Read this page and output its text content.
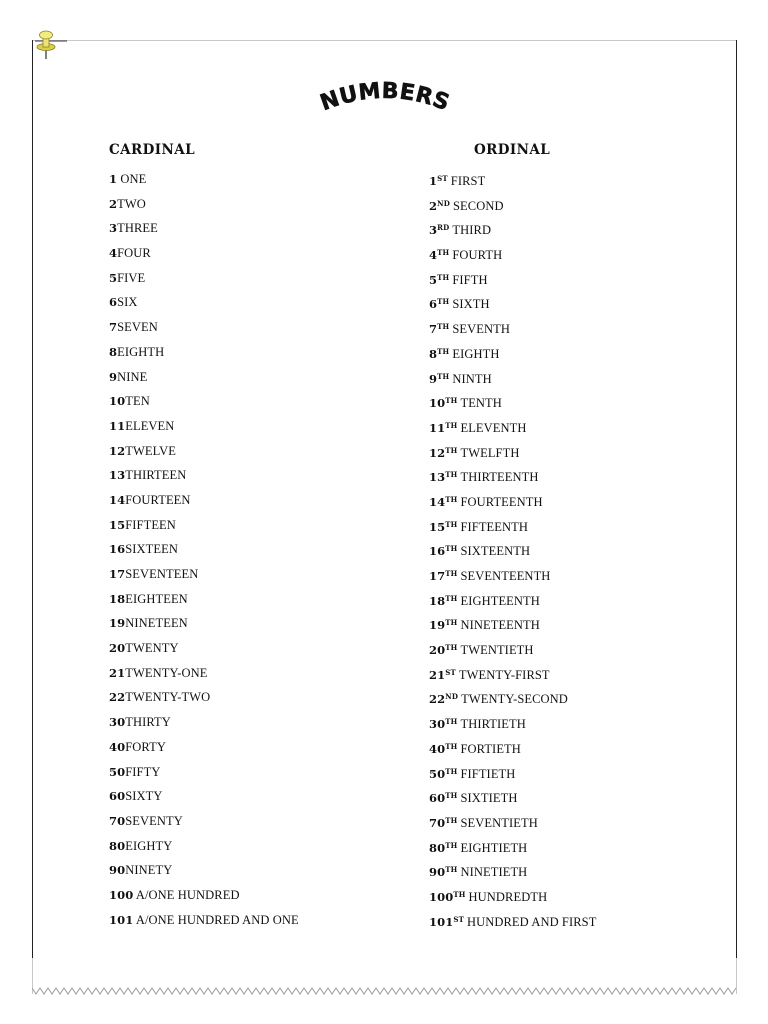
NUMBERS
CARDINAL
1 ONE
2TWO
3THREE
4FOUR
5FIVE
6SIX
7SEVEN
8EIGHTH
9NINE
10TEN
11ELEVEN
12TWELVE
13THIRTEEN
14FOURTEEN
15FIFTEEN
16SIXTEEN
17SEVENTEEN
18EIGHTEEN
19NINETEEN
20TWENTY
21TWENTY-ONE
22TWENTY-TWO
30THIRTY
40FORTY
50FIFTY
60SIXTY
70SEVENTY
80EIGHTY
90NINETY
100 A/ONE HUNDRED
101 A/ONE HUNDRED AND ONE
ORDINAL
1ST FIRST
2ND SECOND
3RD THIRD
4TH FOURTH
5TH FIFTH
6TH SIXTH
7TH SEVENTH
8TH EIGHTH
9TH NINTH
10TH TENTH
11TH ELEVENTH
12TH TWELFTH
13TH THIRTEENTH
14TH FOURTEENTH
15TH FIFTEENTH
16TH SIXTEENTH
17TH SEVENTEENTH
18TH EIGHTEENTH
19TH NINETEENTH
20TH TWENTIETH
21ST TWENTY-FIRST
22ND TWENTY-SECOND
30TH THIRTIETH
40TH FORTIETH
50TH FIFTIETH
60TH SIXTIETH
70TH SEVENTIETH
80TH EIGHTIETH
90TH NINETIETH
100TH HUNDREDTH
101ST HUNDRED AND FIRST
